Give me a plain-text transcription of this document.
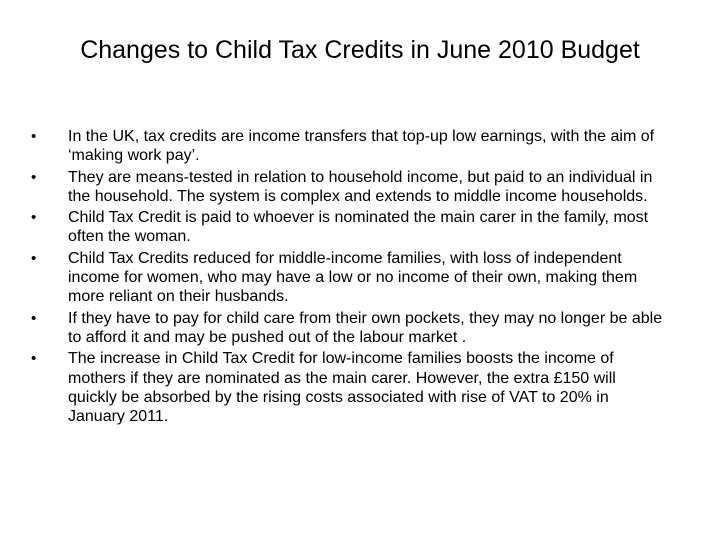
Changes to Child Tax Credits in June 2010 Budget
• In the UK, tax credits are income transfers that top-up low earnings, with the aim of ‘making work pay’.
• They are means-tested in relation to household income, but paid to an individual in the household. The system is complex and extends to middle income households.
• Child Tax Credit is paid to whoever is nominated the main carer in the family, most often the woman.
• Child Tax Credits reduced for middle-income families, with loss of independent income for women, who may have a low or no income of their own, making them more reliant on their husbands.
• If they have to pay for child care from their own pockets, they may no longer be able to afford it and may be pushed out of the labour market .
• The increase in Child Tax Credit for low-income families boosts the income of mothers if they are nominated as the main carer. However, the extra £150 will quickly be absorbed by the rising costs associated with rise of VAT to 20% in January 2011.
